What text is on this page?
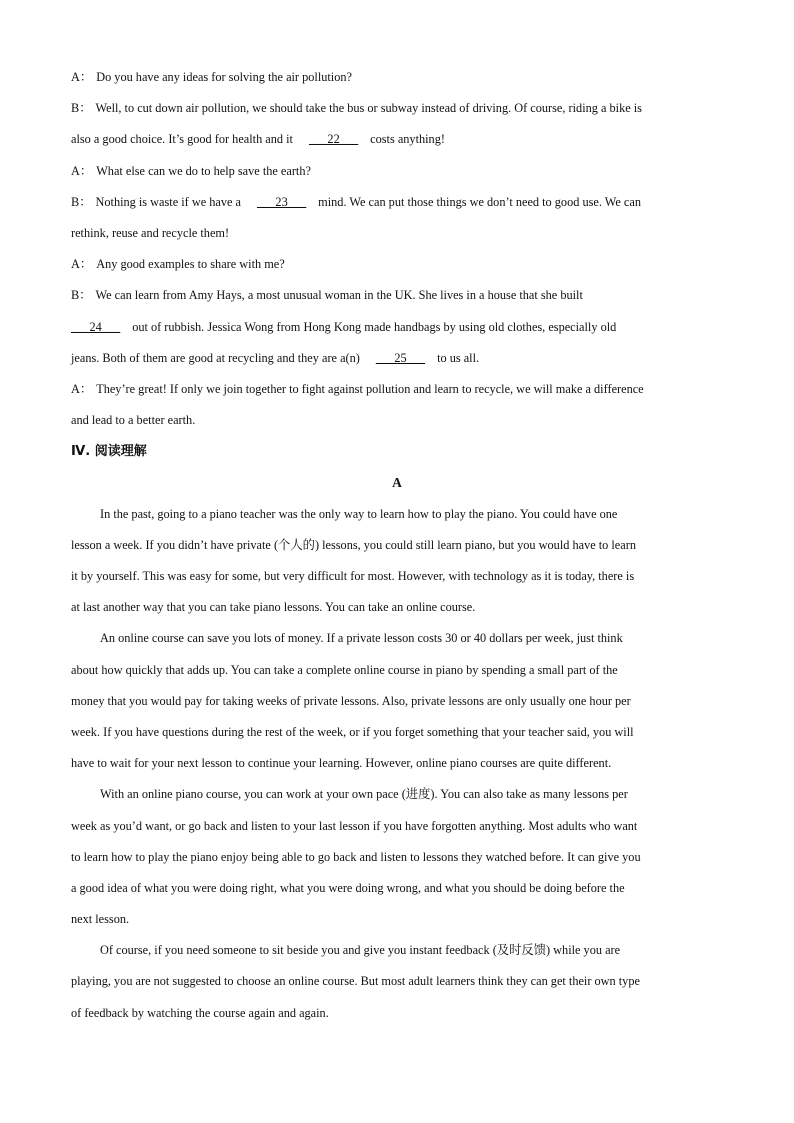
A： Do you have any ideas for solving the air pollution?
B： Well, to cut down air pollution, we should take the bus or subway instead of driving. Of course, riding a bike is
also a good choice. It’s good for health and it ___22___ costs anything!
A： What else can we do to help save the earth?
B： Nothing is waste if we have a ___23___ mind. We can put those things we don’t need to good use. We can
rethink, reuse and recycle them!
A： Any good examples to share with me?
B： We can learn from Amy Hays, a most unusual woman in the UK. She lives in a house that she built
___24___ out of rubbish. Jessica Wong from Hong Kong made handbags by using old clothes, especially old
jeans. Both of them are good at recycling and they are a(n) ___25___ to us all.
A： They’re great! If only we join together to fight against pollution and learn to recycle, we will make a difference
and lead to a better earth.
Ⅳ. 阅读理解
A
In the past, going to a piano teacher was the only way to learn how to play the piano. You could have one
lesson a week. If you didn’t have private (个人的) lessons, you could still learn piano, but you would have to learn
it by yourself. This was easy for some, but very difficult for most. However, with technology as it is today, there is
at last another way that you can take piano lessons. You can take an online course.
An online course can save you lots of money. If a private lesson costs 30 or 40 dollars per week, just think
about how quickly that adds up. You can take a complete online course in piano by spending a small part of the
money that you would pay for taking weeks of private lessons. Also, private lessons are only usually one hour per
week. If you have questions during the rest of the week, or if you forget something that your teacher said, you will
have to wait for your next lesson to continue your learning. However, online piano courses are quite different.
With an online piano course, you can work at your own pace (进度). You can also take as many lessons per
week as you’d want, or go back and listen to your last lesson if you have forgotten anything. Most adults who want
to learn how to play the piano enjoy being able to go back and listen to lessons they watched before. It can give you
a good idea of what you were doing right, what you were doing wrong, and what you should be doing before the
next lesson.
Of course, if you need someone to sit beside you and give you instant feedback (及时反馈) while you are
playing, you are not suggested to choose an online course. But most adult learners think they can get their own type
of feedback by watching the course again and again.
